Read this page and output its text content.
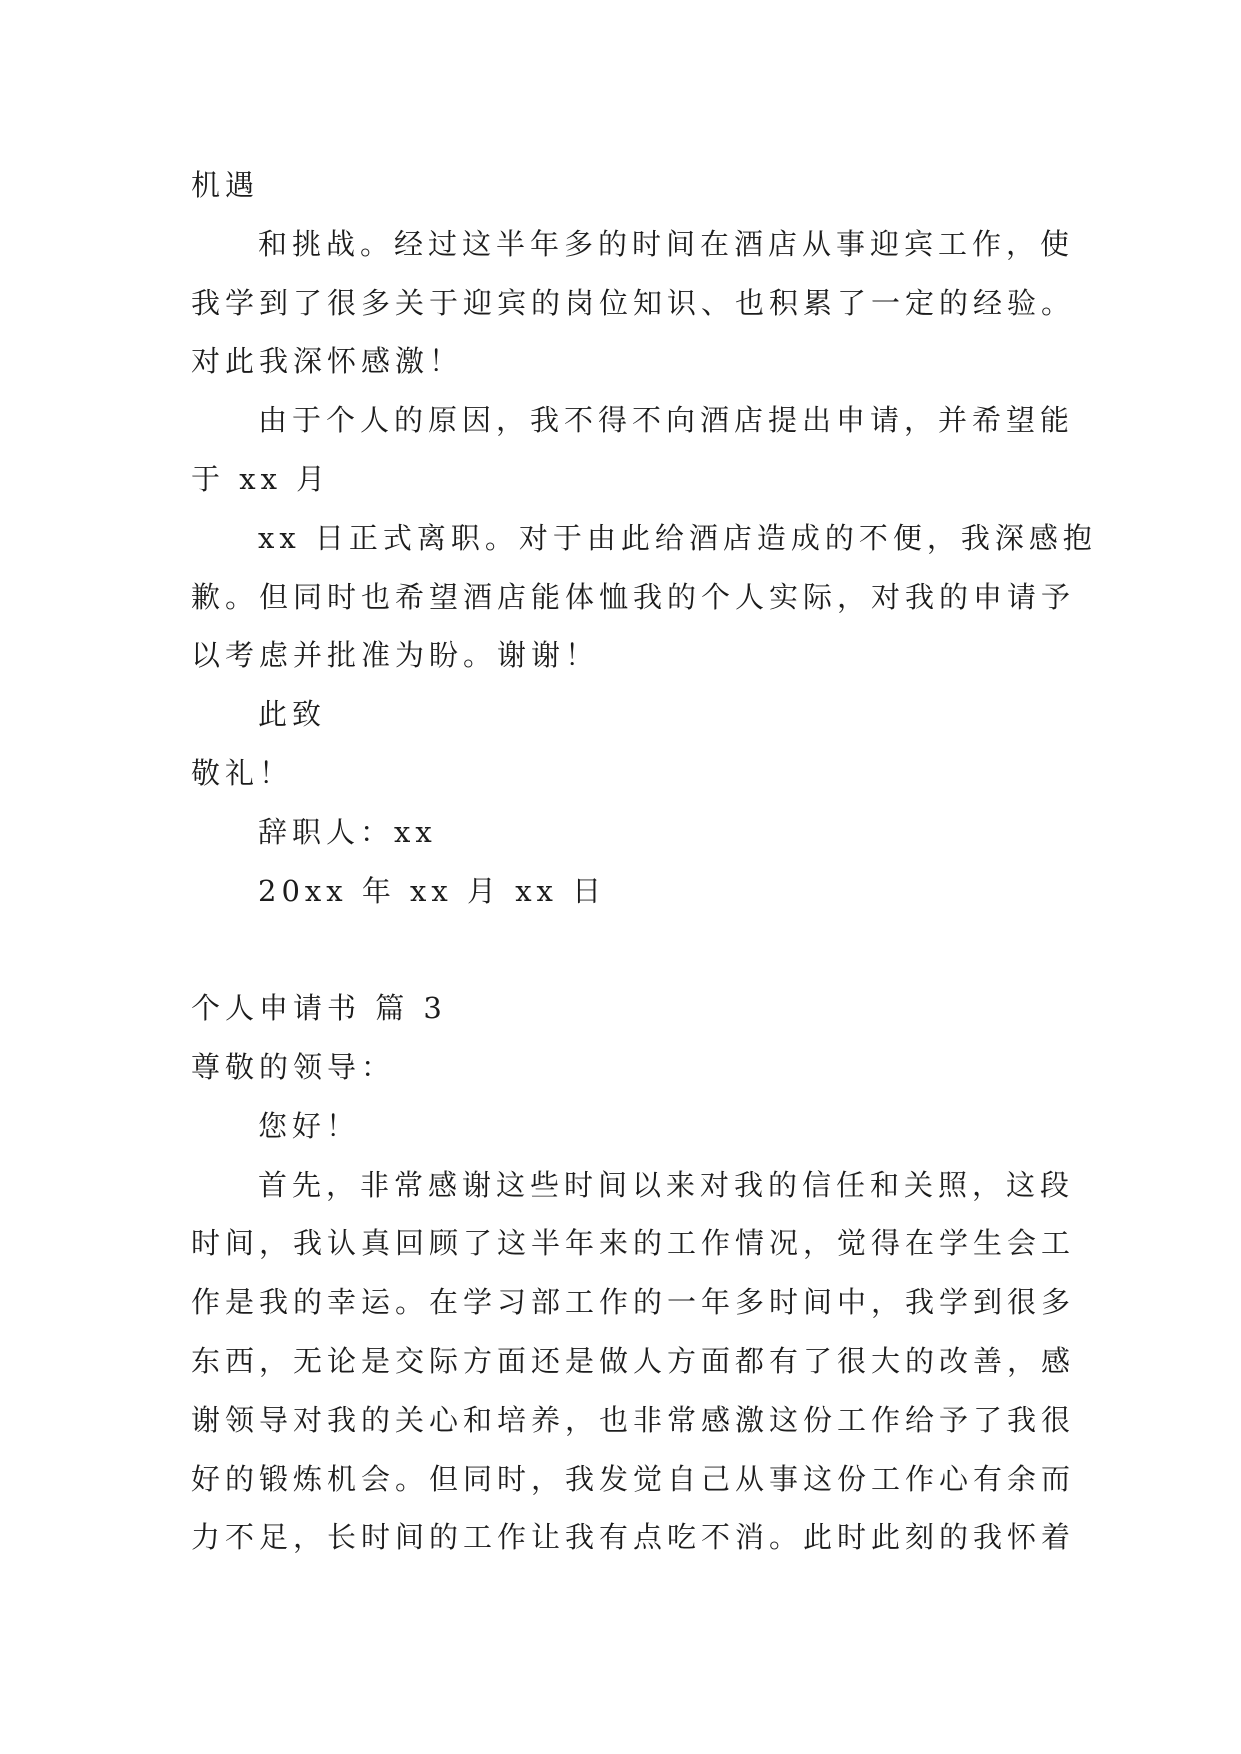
机遇
和挑战。经过这半年多的时间在酒店从事迎宾工作，使
我学到了很多关于迎宾的岗位知识、也积累了一定的经验。
对此我深怀感激！
由于个人的原因，我不得不向酒店提出申请，并希望能
于 xx 月
xx 日正式离职。对于由此给酒店造成的不便，我深感抱
歉。但同时也希望酒店能体恤我的个人实际，对我的申请予
以考虑并批准为盼。谢谢！
此致
敬礼！
辞职人：xx
20xx 年 xx 月 xx 日
个人申请书 篇 3
尊敬的领导：
您好！
首先，非常感谢这些时间以来对我的信任和关照，这段
时间，我认真回顾了这半年来的工作情况，觉得在学生会工
作是我的幸运。在学习部工作的一年多时间中，我学到很多
东西，无论是交际方面还是做人方面都有了很大的改善，感
谢领导对我的关心和培养，也非常感激这份工作给予了我很
好的锻炼机会。但同时，我发觉自己从事这份工作心有余而
力不足，长时间的工作让我有点吃不消。此时此刻的我怀着
